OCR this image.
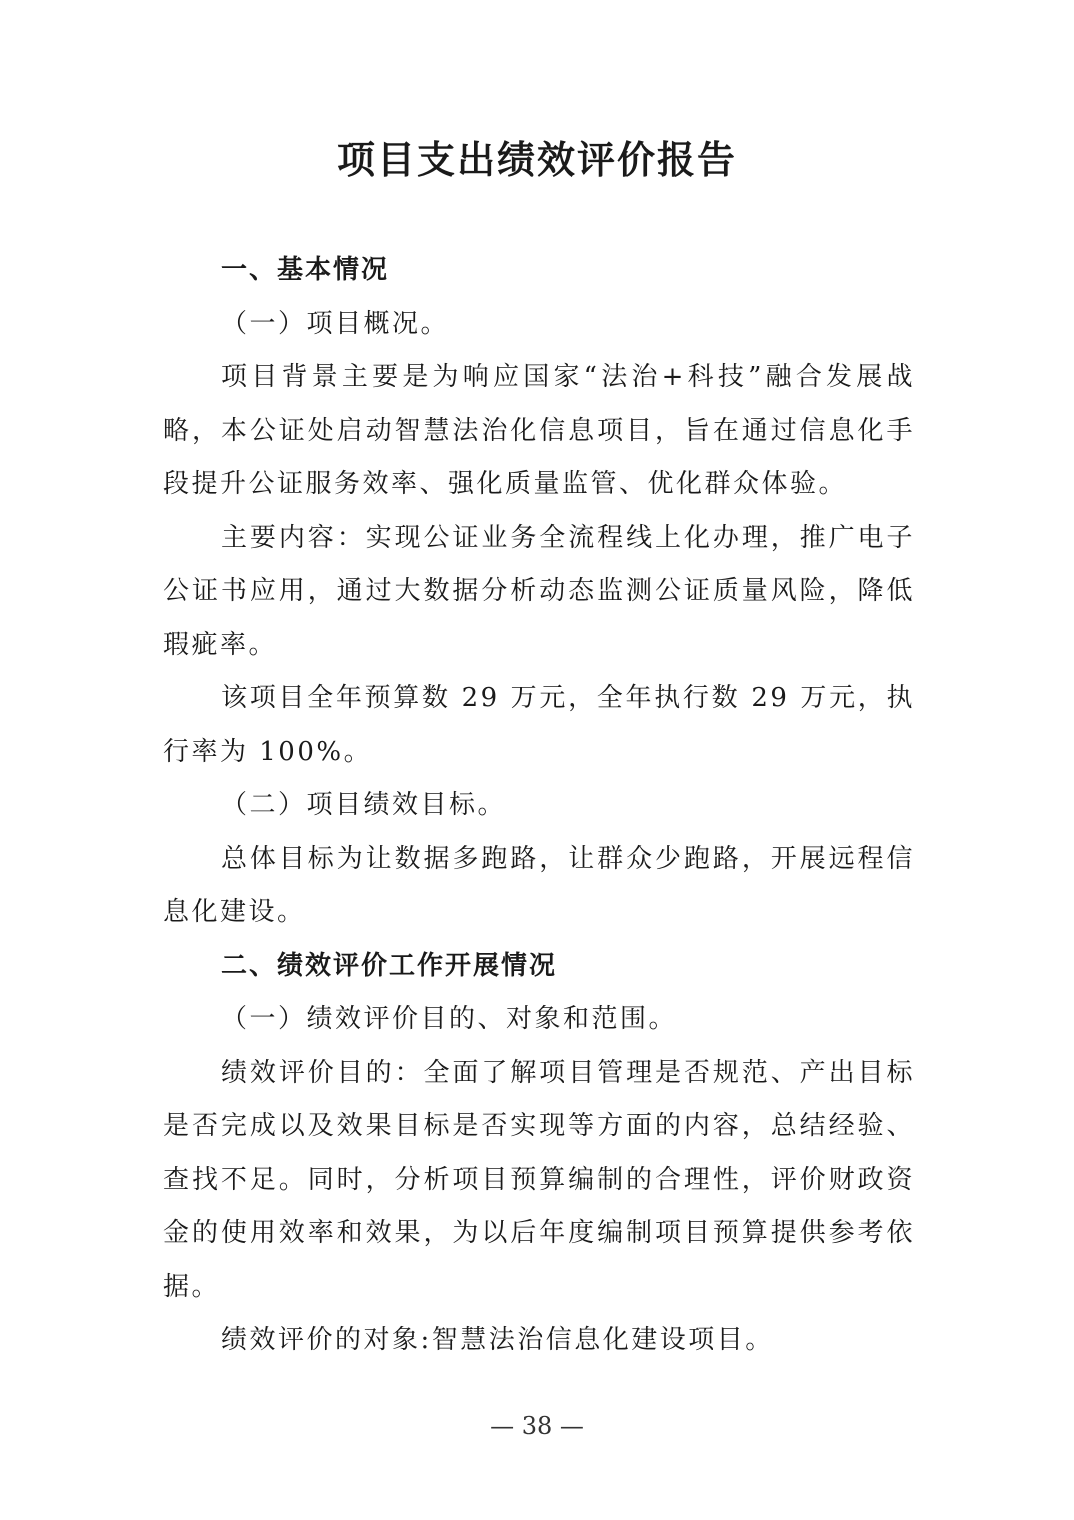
项目支出绩效评价报告

一、基本情况

（一）项目概况。

项目背景主要是为响应国家“法治+科技”融合发展战略，本公证处启动智慧法治化信息项目，旨在通过信息化手段提升公证服务效率、强化质量监管、优化群众体验。

主要内容：实现公证业务全流程线上化办理，推广电子公证书应用，通过大数据分析动态监测公证质量风险，降低瑕疵率。

该项目全年预算数 29 万元，全年执行数 29 万元，执行率为 100%。

（二）项目绩效目标。

总体目标为让数据多跑路，让群众少跑路，开展远程信息化建设。

二、绩效评价工作开展情况

（一）绩效评价目的、对象和范围。

绩效评价目的：全面了解项目管理是否规范、产出目标是否完成以及效果目标是否实现等方面的内容，总结经验、查找不足。同时，分析项目预算编制的合理性，评价财政资金的使用效率和效果，为以后年度编制项目预算提供参考依据。

绩效评价的对象:智慧法治信息化建设项目。

— 38 —
